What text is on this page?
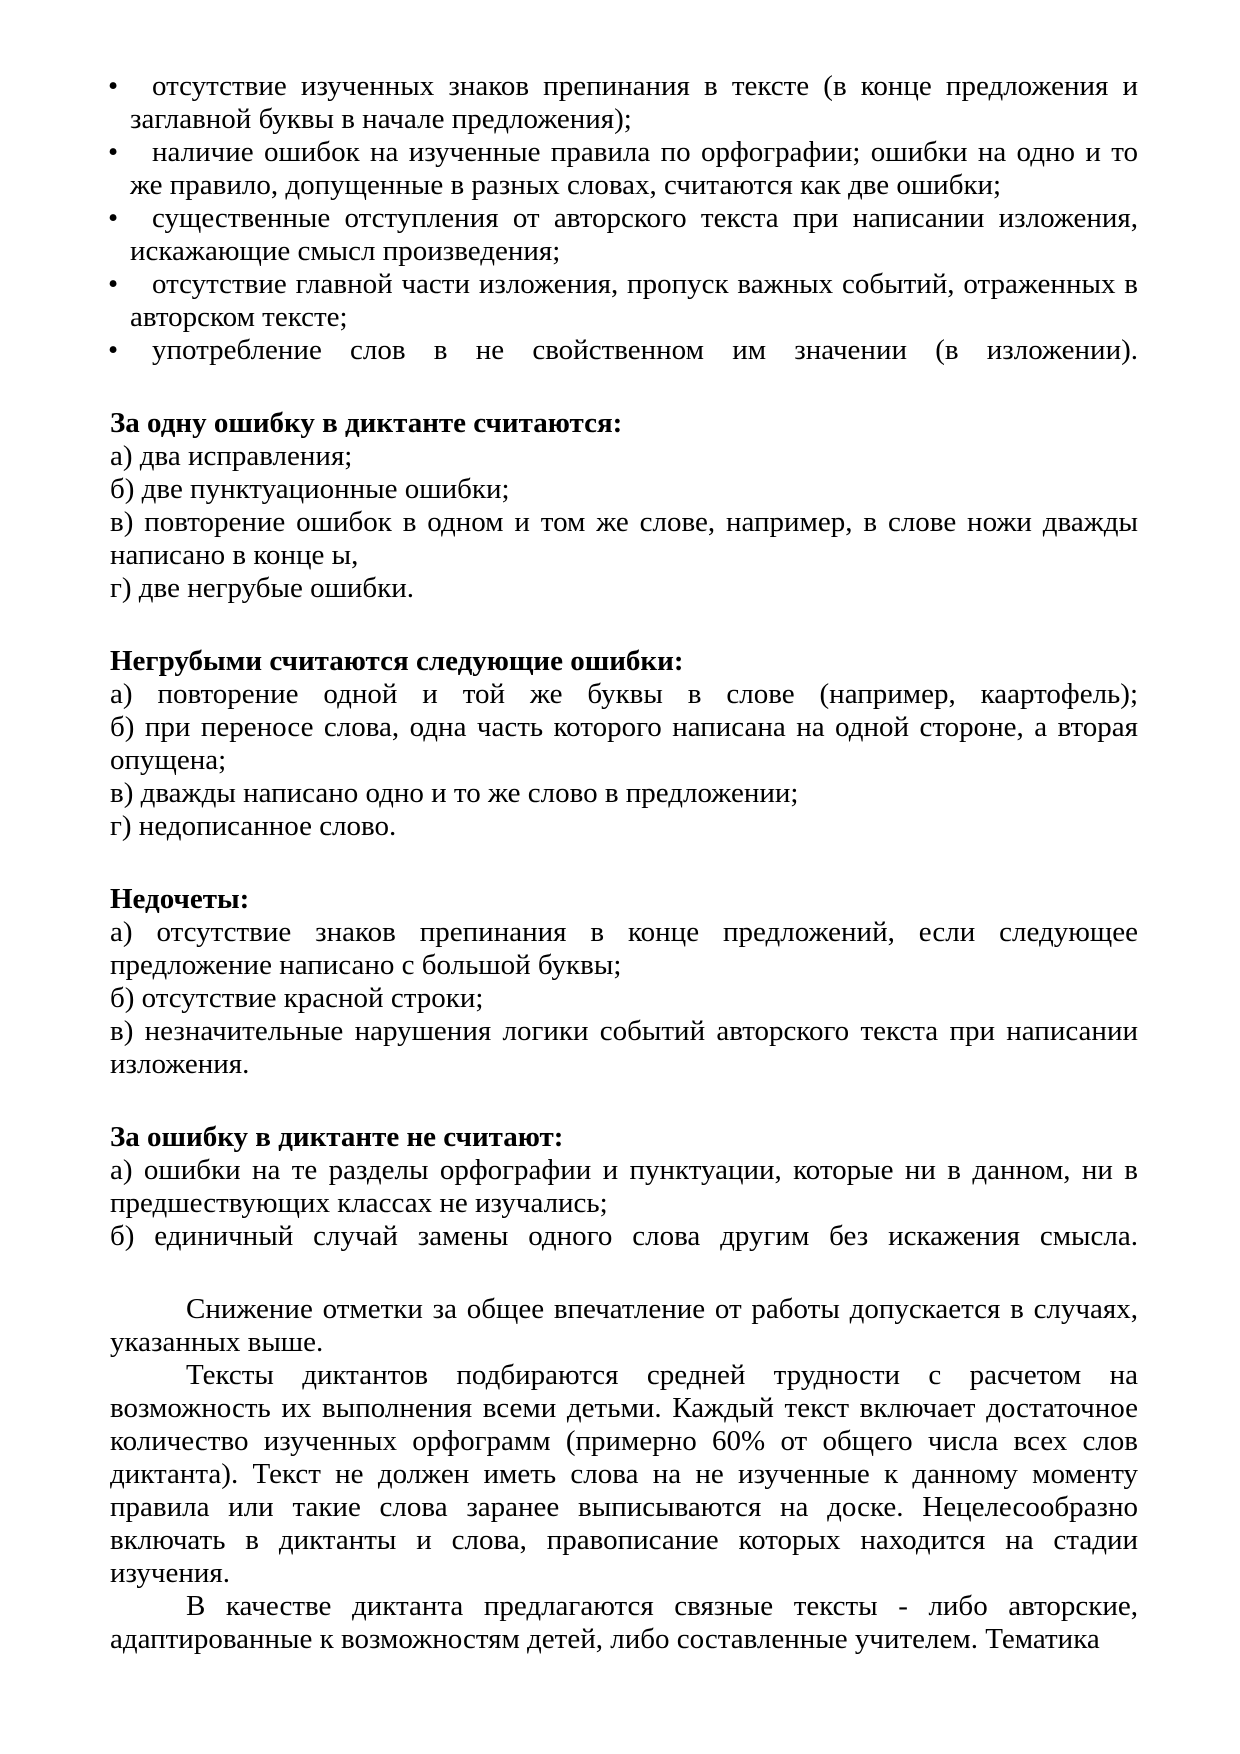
• отсутствие изученных знаков препинания в тексте (в конце предложения и заглавной буквы в начале предложения);
• наличие ошибок на изученные правила по орфографии; ошибки на одно и то же правило, допущенные в разных словах, считаются как две ошибки;
• существенные отступления от авторского текста при написании изложения, искажающие смысл произведения;
• отсутствие главной части изложения, пропуск важных событий, отраженных в авторском тексте;
• употребление слов в не свойственном им значении (в изложении).

За одну ошибку в диктанте считаются:

а) два исправления;

б) две пунктуационные ошибки;

в) повторение ошибок в одном и том же слове, например, в слове ножи дважды написано в конце ы,

г) две негрубые ошибки.

Негрубыми считаются следующие ошибки:

а) повторение одной и той же буквы в слове (например, каартофель);

б) при переносе слова, одна часть которого написана на одной стороне, а вторая опущена;

в) дважды написано одно и то же слово в предложении;

г) недописанное слово.

Недочеты:

а) отсутствие знаков препинания в конце предложений, если следующее предложение написано с большой буквы;

б) отсутствие красной строки;

в) незначительные нарушения логики событий авторского текста при написании изложения.

За ошибку в диктанте не считают:

а) ошибки на те разделы орфографии и пунктуации, которые ни в данном, ни в предшествующих классах не изучались;

б) единичный случай замены одного слова другим без искажения смысла.

Снижение отметки за общее впечатление от работы допускается в случаях, указанных выше.

Тексты диктантов подбираются средней трудности с расчетом на возможность их выполнения всеми детьми. Каждый текст включает достаточное количество изученных орфограмм (примерно 60% от общего числа всех слов диктанта). Текст не должен иметь слова на не изученные к данному моменту правила или такие слова заранее выписываются на доске. Нецелесообразно включать в диктанты и слова, правописание которых находится на стадии изучения.

В качестве диктанта предлагаются связные тексты - либо авторские, адаптированные к возможностям детей, либо составленные учителем. Тематика
